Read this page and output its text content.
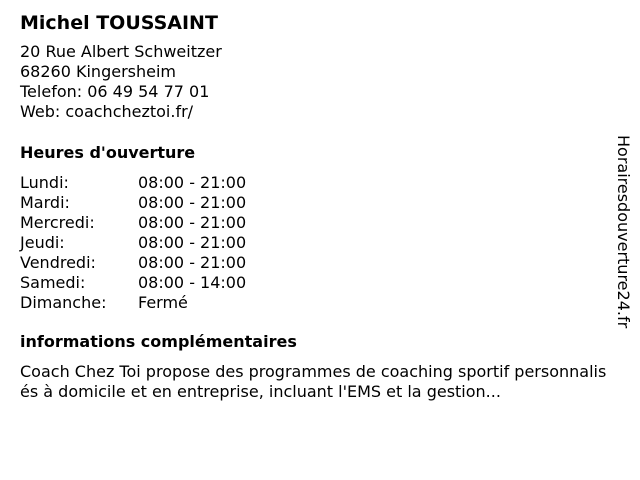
Michel TOUSSAINT
20 Rue Albert Schweitzer
68260 Kingersheim
Telefon: 06 49 54 77 01
Web: coachcheztoi.fr/
Heures d'ouverture
Lundi:	08:00 - 21:00
Mardi:	08:00 - 21:00
Mercredi:	08:00 - 21:00
Jeudi:	08:00 - 21:00
Vendredi:	08:00 - 21:00
Samedi:	08:00 - 14:00
Dimanche:	Fermé
informations complémentaires
Coach Chez Toi propose des programmes de coaching sportif personnalisés à domicile et en entreprise, incluant l'EMS et la gestion...
Horairesdouverture24.fr
